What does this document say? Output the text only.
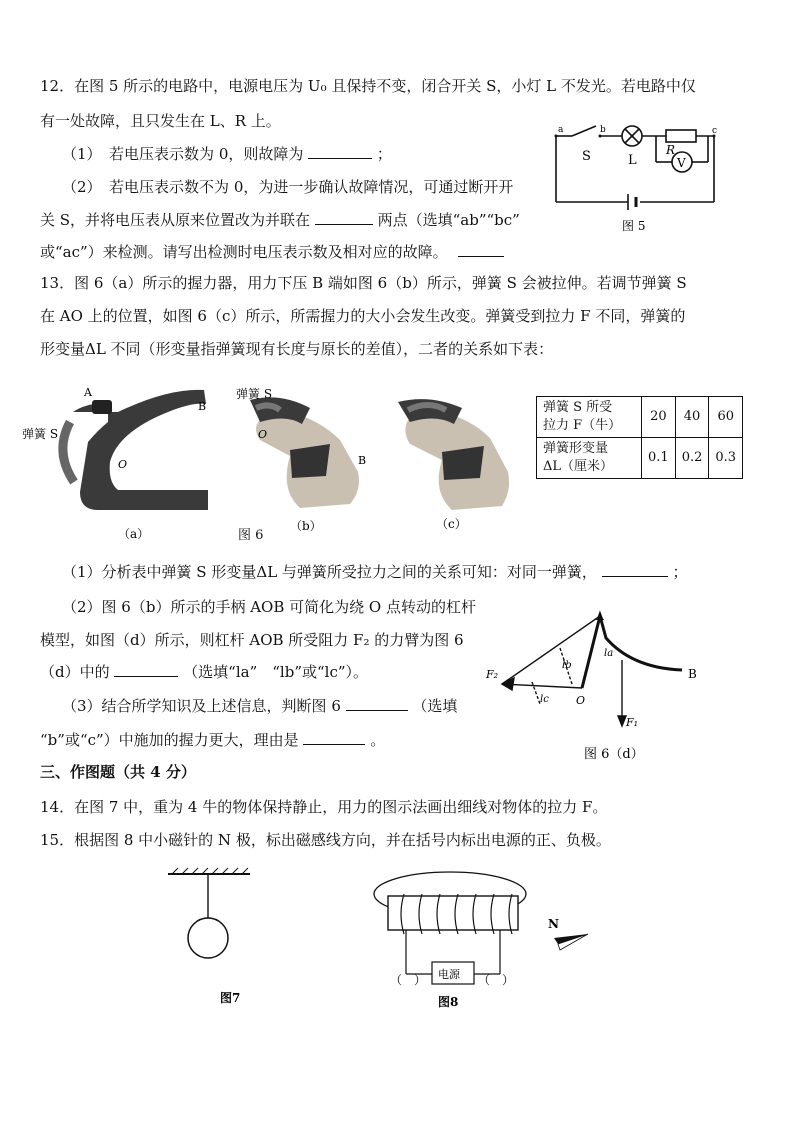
12．在图 5 所示的电路中，电源电压为 U₀ 且保持不变，闭合开关 S，小灯 L 不发光。若电路中仅
有一处故障，且只发生在 L、R 上。
（1）　若电压表示数为 0，则故障为	；
（2）　若电压表示数不为 0，为进一步确认故障情况，可通过断开开
关 S，并将电压表从原来位置改为并联在	两点（选填“ab”“bc”
或“ac”）来检测。请写出检测时电压表示数及相对应的故障。
a	b	c
S	L
R
V
图 5
13．图 6（a）所示的握力器，用力下压 B 端如图 6（b）所示，弹簧 S 会被拉伸。若调节弹簧 S
在 AO 上的位置，如图 6（c）所示，所需握力的大小会发生改变。弹簧受到拉力 F 不同，弹簧的
形变量ΔL 不同（形变量指弹簧现有长度与原长的差值），二者的关系如下表：
A
B
O
弹簧 S
（a）	图 6
弹簧 S
O
B
（b）	（c）
弹簧 S 所受
拉力 F（牛）	20	40	60

弹簧形变量
ΔL（厘米）	0.1	0.2	0.3
（1）分析表中弹簧 S 形变量ΔL 与弹簧所受拉力之间的关系可知：对同一弹簧，	；
（2）图 6（b）所示的手柄 AOB 可简化为绕 O 点转动的杠杆
模型，如图（d）所示，则杠杆 AOB 所受阻力 F₂ 的力臂为图 6
（d）中的	（选填“la”　“lb”或“lc”）。
（3）结合所学知识及上述信息，判断图 6	（选填
“b”或“c”）中施加的握力更大，理由是	。
A
B
O
F₁
F₂
la
lb
lc
图 6（d）
三、作图题（共 4 分）
14．在图 7 中，重为 4 牛的物体保持静止，用力的图示法画出细线对物体的拉力 F。
15．根据图 8 中小磁针的 N 极，标出磁感线方向，并在括号内标出电源的正、负极。
图7
电源
（　）	（　）
N
图8
